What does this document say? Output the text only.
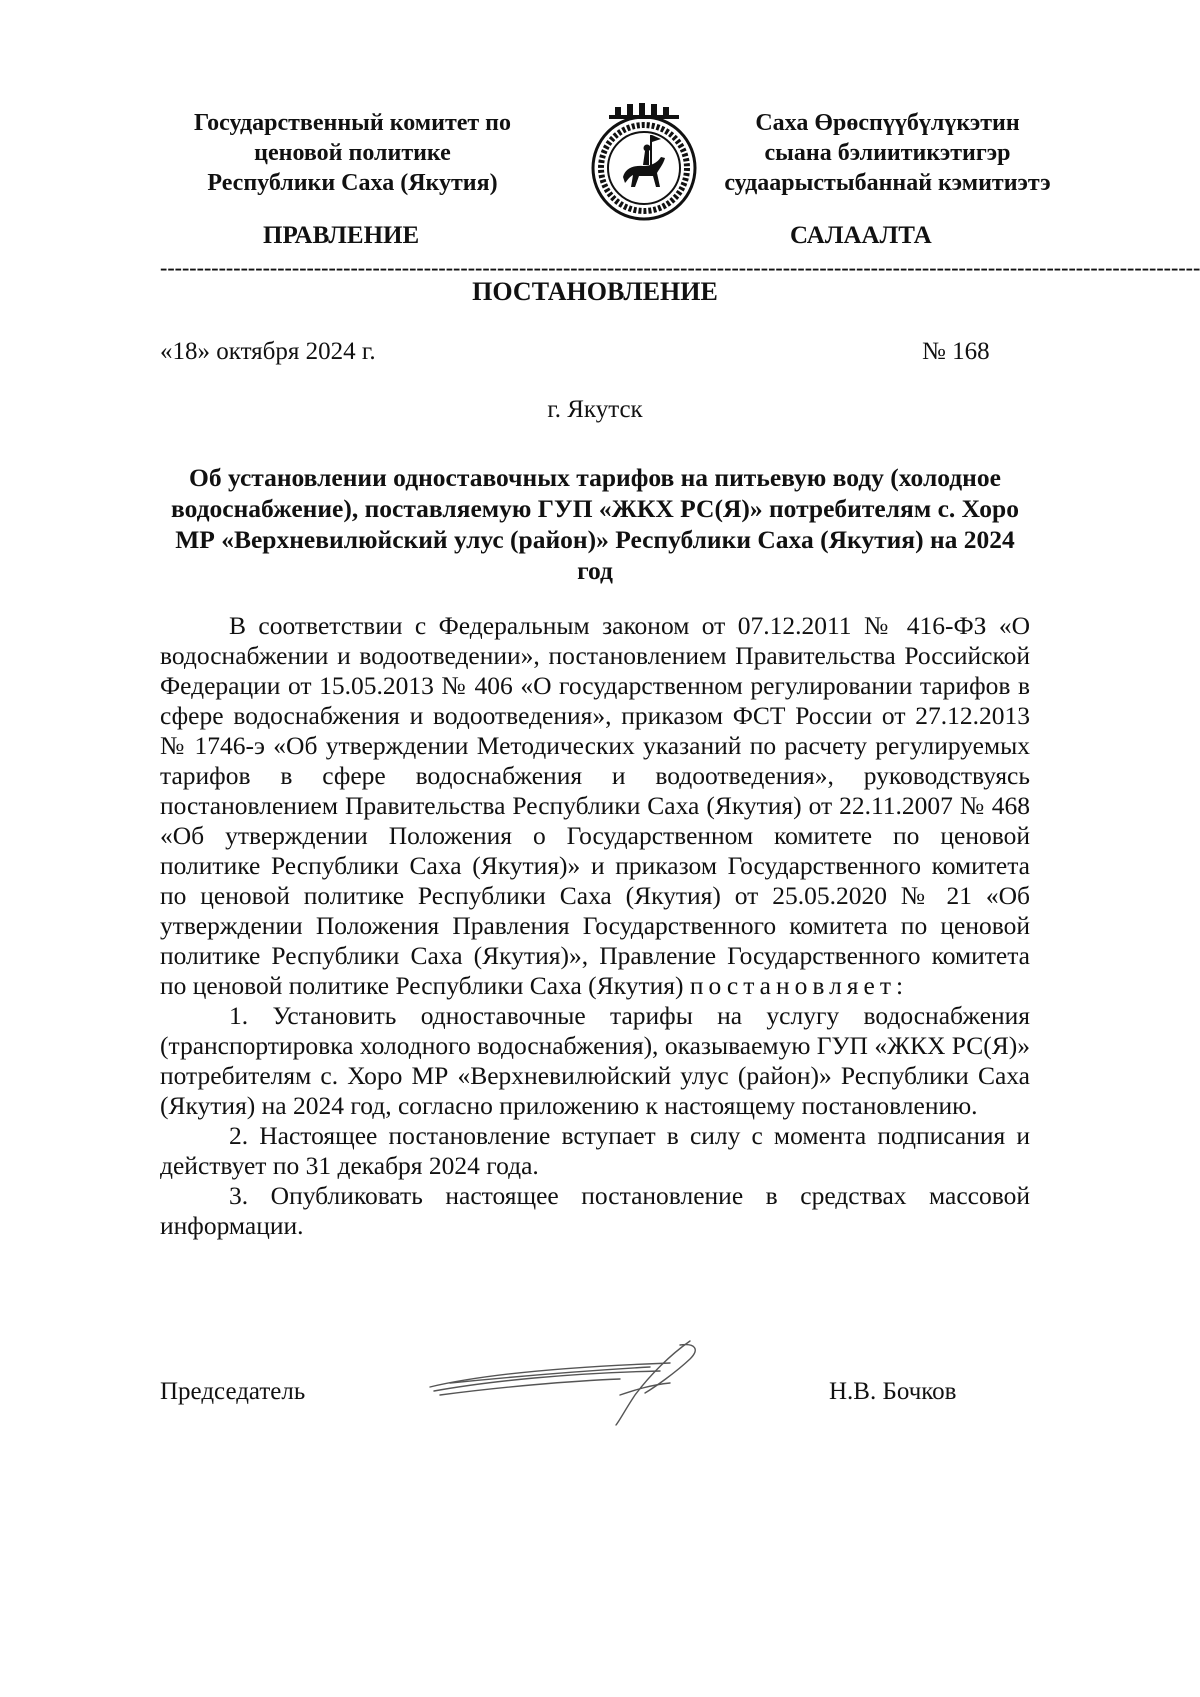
Государственный комитет по
ценовой политике
Республики Саха (Якутия)
Саха Өрөспүүбүлүкэтин
сыана бэлиитикэтигэр
судаарыстыбаннай кэмитиэтэ
ПРАВЛЕНИЕ	САЛААЛТА
----------------------------------------------------------------------------------------------------------------------------------------------
ПОСТАНОВЛЕНИЕ
«18» октября 2024 г.	№ 168
г. Якутск
Об установлении одноставочных тарифов на питьевую воду (холодное водоснабжение), поставляемую ГУП «ЖКХ РС(Я)» потребителям с. Хоро МР «Верхневилюйский улус (район)» Республики Саха (Якутия) на 2024 год
В соответствии с Федеральным законом от 07.12.2011 № 416-ФЗ «О водоснабжении и водоотведении», постановлением Правительства Российской Федерации от 15.05.2013 № 406 «О государственном регулировании тарифов в сфере водоснабжения и водоотведения», приказом ФСТ России от 27.12.2013 № 1746-э «Об утверждении Методических указаний по расчету регулируемых тарифов в сфере водоснабжения и водоотведения», руководствуясь постановлением Правительства Республики Саха (Якутия) от 22.11.2007 № 468 «Об утверждении Положения о Государственном комитете по ценовой политике Республики Саха (Якутия)» и приказом Государственного комитета по ценовой политике Республики Саха (Якутия) от 25.05.2020 № 21 «Об утверждении Положения Правления Государственного комитета по ценовой политике Республики Саха (Якутия)», Правление Государственного комитета по ценовой политике Республики Саха (Якутия) постановляет:
1. Установить одноставочные тарифы на услугу водоснабжения (транспортировка холодного водоснабжения), оказываемую ГУП «ЖКХ РС(Я)» потребителям с. Хоро МР «Верхневилюйский улус (район)» Республики Саха (Якутия) на 2024 год, согласно приложению к настоящему постановлению.
2. Настоящее постановление вступает в силу с момента подписания и действует по 31 декабря 2024 года.
3. Опубликовать настоящее постановление в средствах массовой информации.
Председатель	Н.В. Бочков
